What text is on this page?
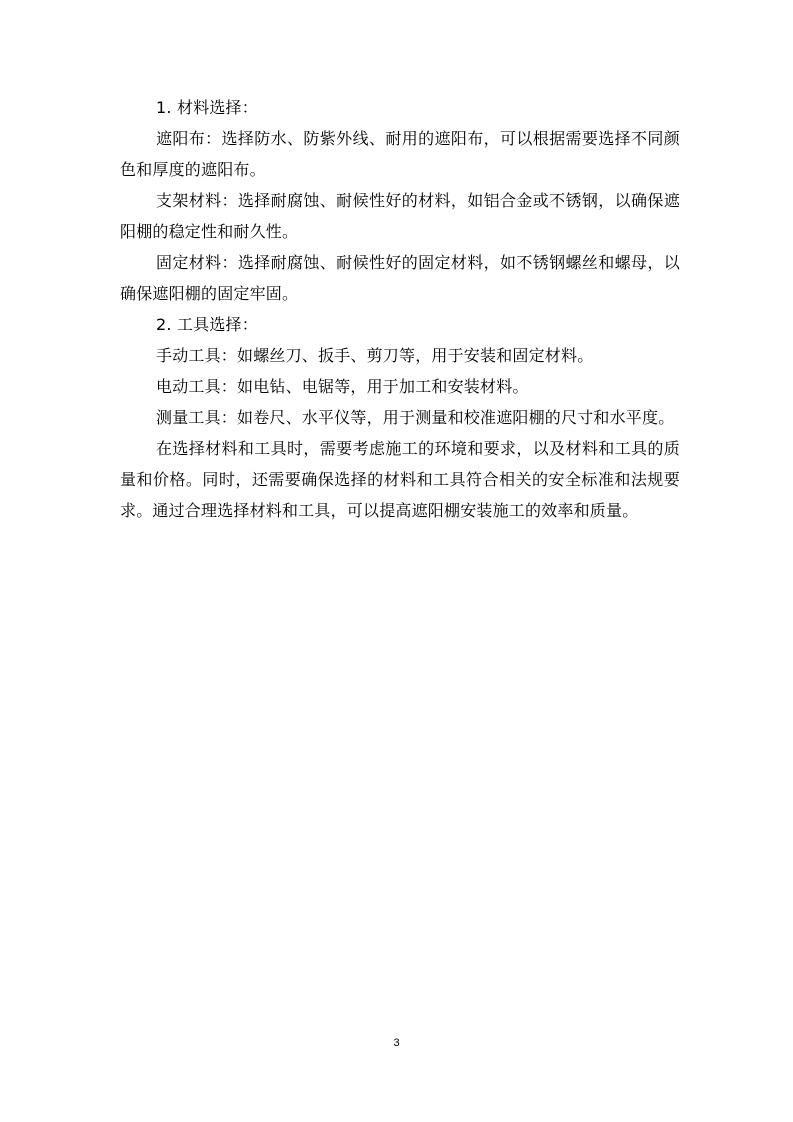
1. 材料选择：

遮阳布：选择防水、防紫外线、耐用的遮阳布，可以根据需要选择不同颜色和厚度的遮阳布。

支架材料：选择耐腐蚀、耐候性好的材料，如铝合金或不锈钢，以确保遮阳棚的稳定性和耐久性。

固定材料：选择耐腐蚀、耐候性好的固定材料，如不锈钢螺丝和螺母，以确保遮阳棚的固定牢固。

2. 工具选择：

手动工具：如螺丝刀、扳手、剪刀等，用于安装和固定材料。

电动工具：如电钻、电锯等，用于加工和安装材料。

测量工具：如卷尺、水平仪等，用于测量和校准遮阳棚的尺寸和水平度。

在选择材料和工具时，需要考虑施工的环境和要求，以及材料和工具的质量和价格。同时，还需要确保选择的材料和工具符合相关的安全标准和法规要求。通过合理选择材料和工具，可以提高遮阳棚安装施工的效率和质量。

3
